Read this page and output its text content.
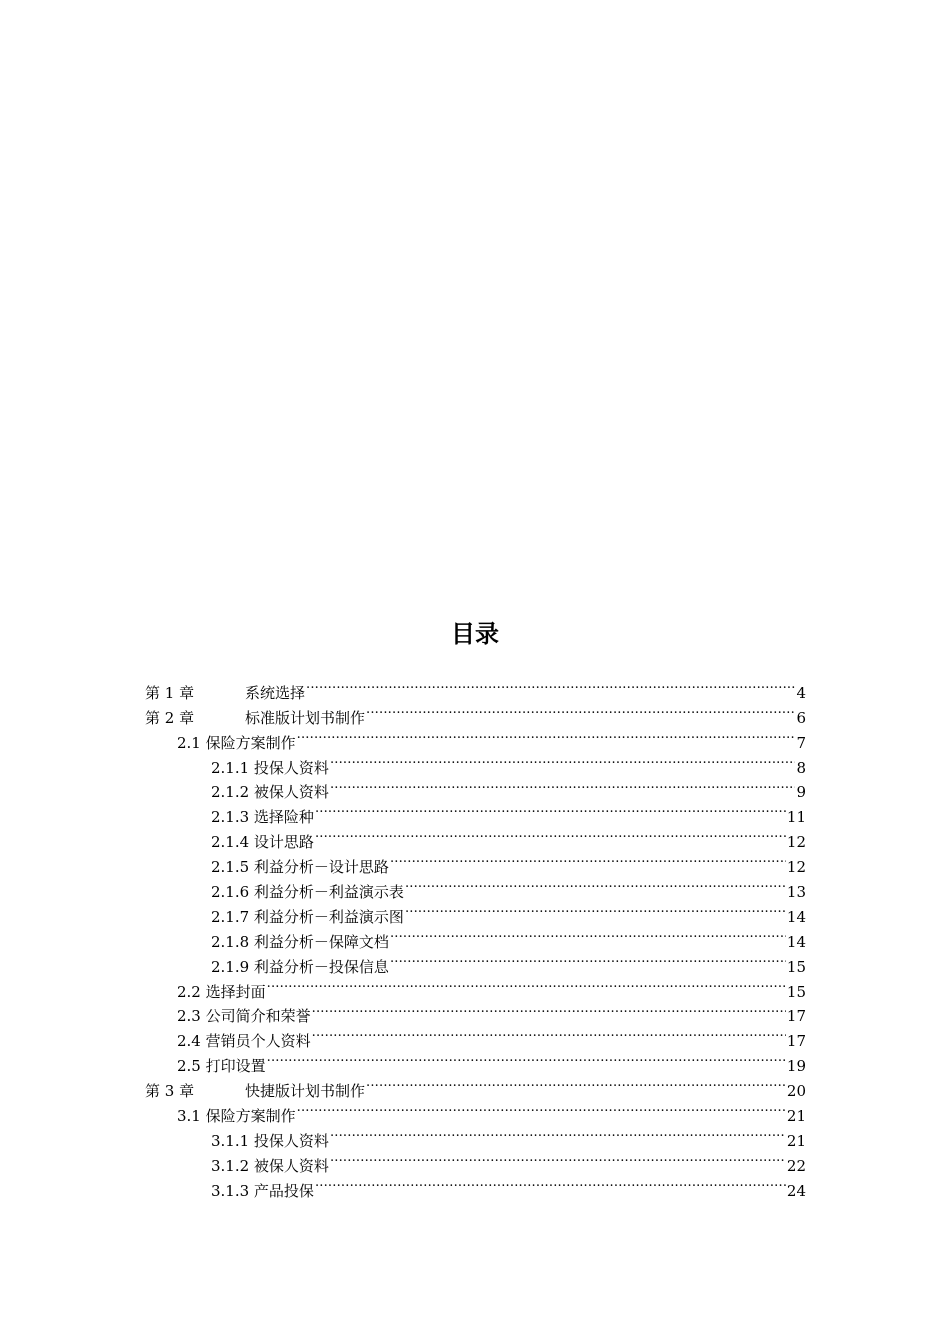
目录
第 1 章	系统选择 .....	4
第 2 章	标准版计划书制作 .....	6
2.1 保险方案制作 .....	7
2.1.1 投保人资料 .....	8
2.1.2 被保人资料 .....	9
2.1.3 选择险种 .....	11
2.1.4 设计思路 .....	12
2.1.5 利益分析－设计思路 .....	12
2.1.6 利益分析－利益演示表 .....	13
2.1.7 利益分析－利益演示图 .....	14
2.1.8 利益分析－保障文档 .....	14
2.1.9 利益分析－投保信息 .....	15
2.2 选择封面 .....	15
2.3 公司简介和荣誉 .....	17
2.4 营销员个人资料 .....	17
2.5 打印设置 .....	19
第 3 章	快捷版计划书制作 .....	20
3.1 保险方案制作 .....	21
3.1.1 投保人资料 .....	21
3.1.2 被保人资料 .....	22
3.1.3 产品投保 .....	24
